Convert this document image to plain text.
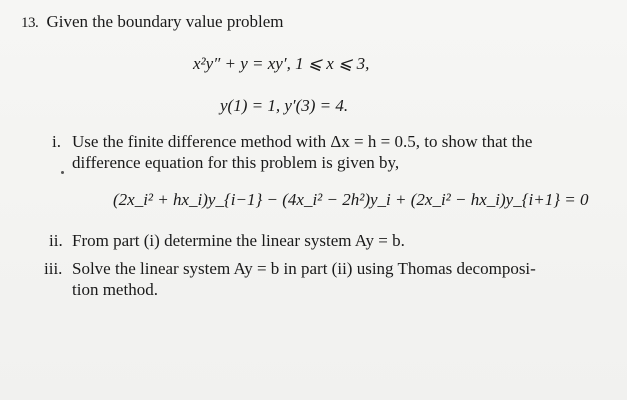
13. Given the boundary value problem
x²y″ + y = xy′, 1 ⩽ x ⩽ 3,
y(1) = 1, y′(3) = 4.
i. Use the finite difference method with Δx = h = 0.5, to show that the
difference equation for this problem is given by,
(2x_i² + hx_i)y_{i−1} − (4x_i² − 2h²)y_i + (2x_i² − hx_i)y_{i+1} = 0
ii. From part (i) determine the linear system Ay = b.
iii. Solve the linear system Ay = b in part (ii) using Thomas decomposi-
tion method.
